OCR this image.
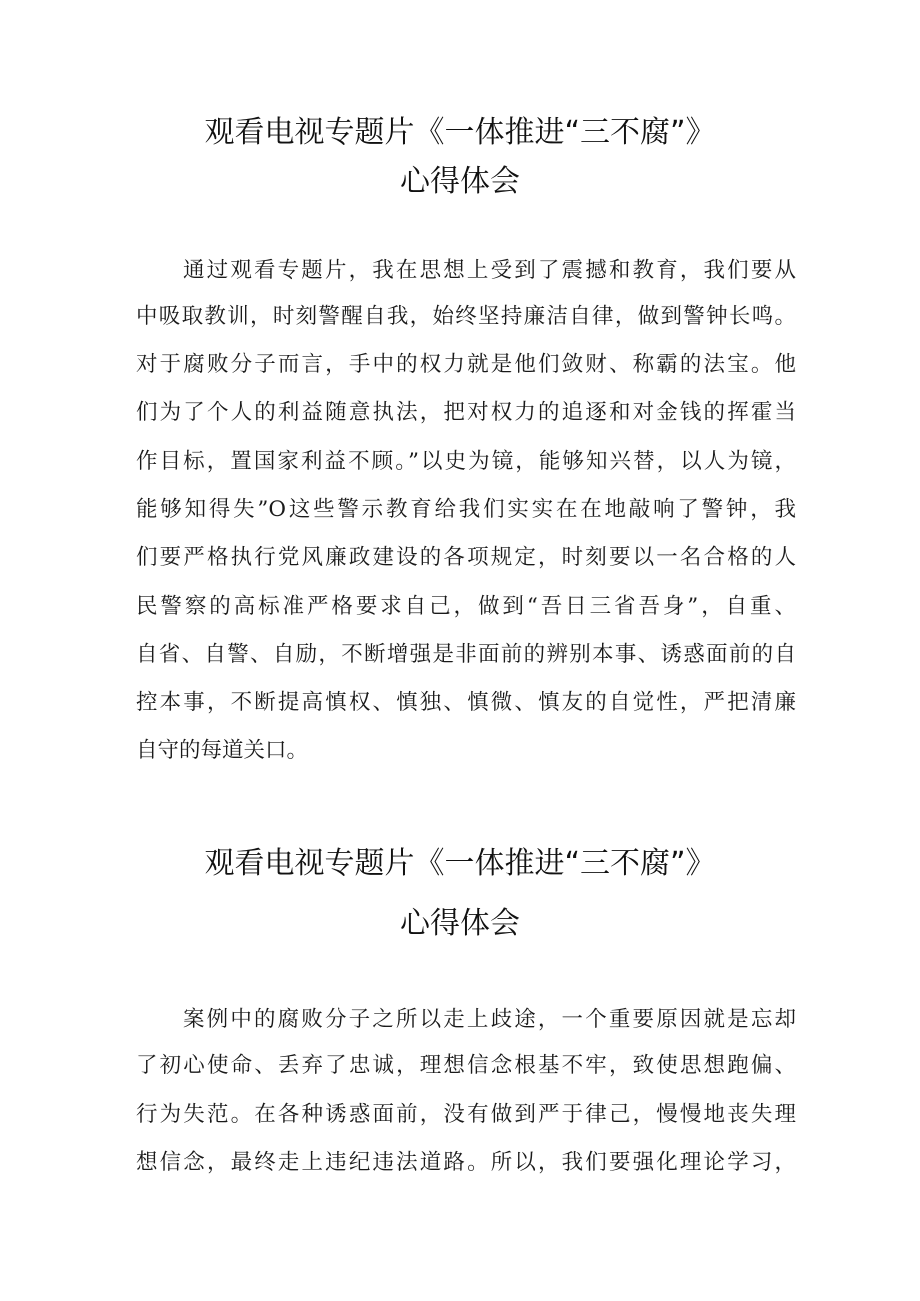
观看电视专题片《一体推进“三不腐”》
心得体会
通过观看专题片，我在思想上受到了震撼和教育，我们要从
中吸取教训，时刻警醒自我，始终坚持廉洁自律，做到警钟长鸣。
对于腐败分子而言，手中的权力就是他们敛财、称霸的法宝。他
们为了个人的利益随意执法，把对权力的追逐和对金钱的挥霍当
作目标，置国家利益不顾。”以史为镜，能够知兴替，以人为镜，
能够知得失”O这些警示教育给我们实实在在地敲响了警钟，我
们要严格执行党风廉政建设的各项规定，时刻要以一名合格的人
民警察的高标准严格要求自己，做到“吾日三省吾身”，自重、
自省、自警、自励，不断增强是非面前的辨别本事、诱惑面前的自
控本事，不断提高慎权、慎独、慎微、慎友的自觉性，严把清廉
自守的每道关口。
观看电视专题片《一体推进“三不腐”》
心得体会
案例中的腐败分子之所以走上歧途，一个重要原因就是忘却
了初心使命、丢弃了忠诚，理想信念根基不牢，致使思想跑偏、
行为失范。在各种诱惑面前，没有做到严于律己，慢慢地丧失理
想信念，最终走上违纪违法道路。所以，我们要强化理论学习，
